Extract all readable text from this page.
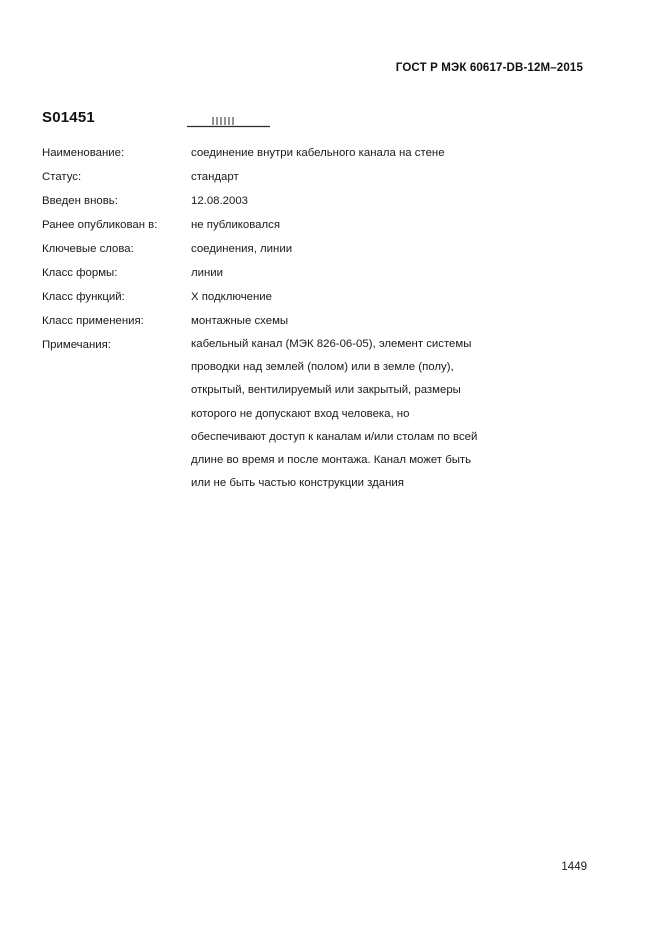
ГОСТ Р МЭК 60617-DB-12M–2015
S01451
Наименование:	соединение внутри кабельного канала на стене
Статус:	стандарт
Введен вновь:	12.08.2003
Ранее опубликован в:	не публиковался
Ключевые слова:	соединения, линии
Класс формы:	линии
Класс функций:	X подключение
Класс применения:	монтажные схемы
Примечания:	кабельный канал (МЭК 826-06-05), элемент системы
проводки над землей (полом) или в земле (полу),
открытый, вентилируемый или закрытый, размеры
которого не допускают вход человека, но
обеспечивают доступ к каналам и/или столам по всей
длине во время и после монтажа. Канал может быть
или не быть частью конструкции здания
1449
